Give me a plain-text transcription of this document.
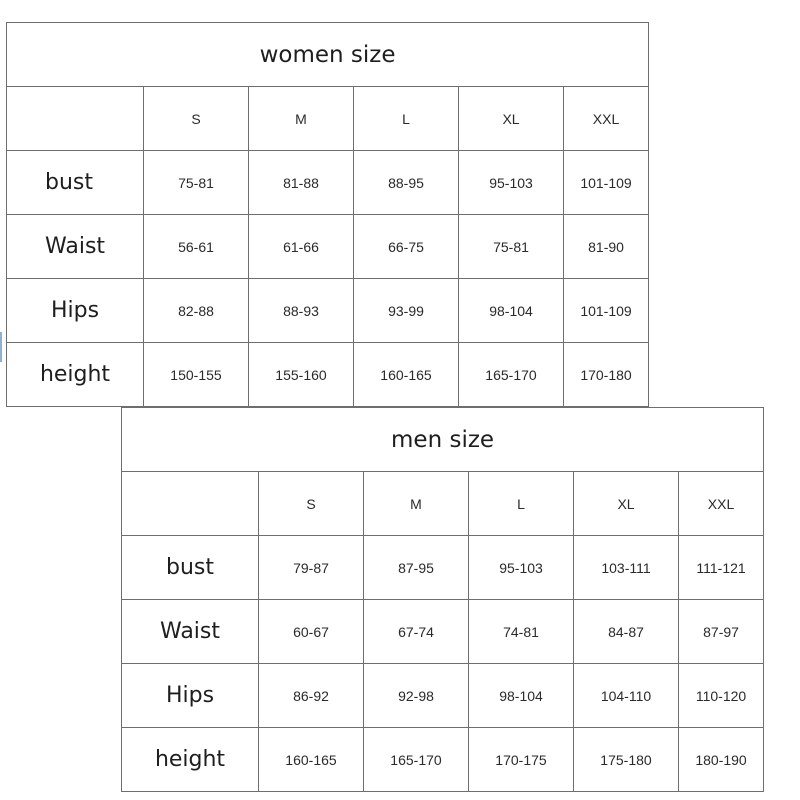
women size					
	S	M	L	XL	XXL
bust	75-81	81-88	88-95	95-103	101-109
Waist	56-61	61-66	66-75	75-81	81-90
Hips	82-88	88-93	93-99	98-104	101-109
height	150-155	155-160	160-165	165-170	170-180
men size					
	S	M	L	XL	XXL
bust	79-87	87-95	95-103	103-111	111-121
Waist	60-67	67-74	74-81	84-87	87-97
Hips	86-92	92-98	98-104	104-110	110-120
height	160-165	165-170	170-175	175-180	180-190
